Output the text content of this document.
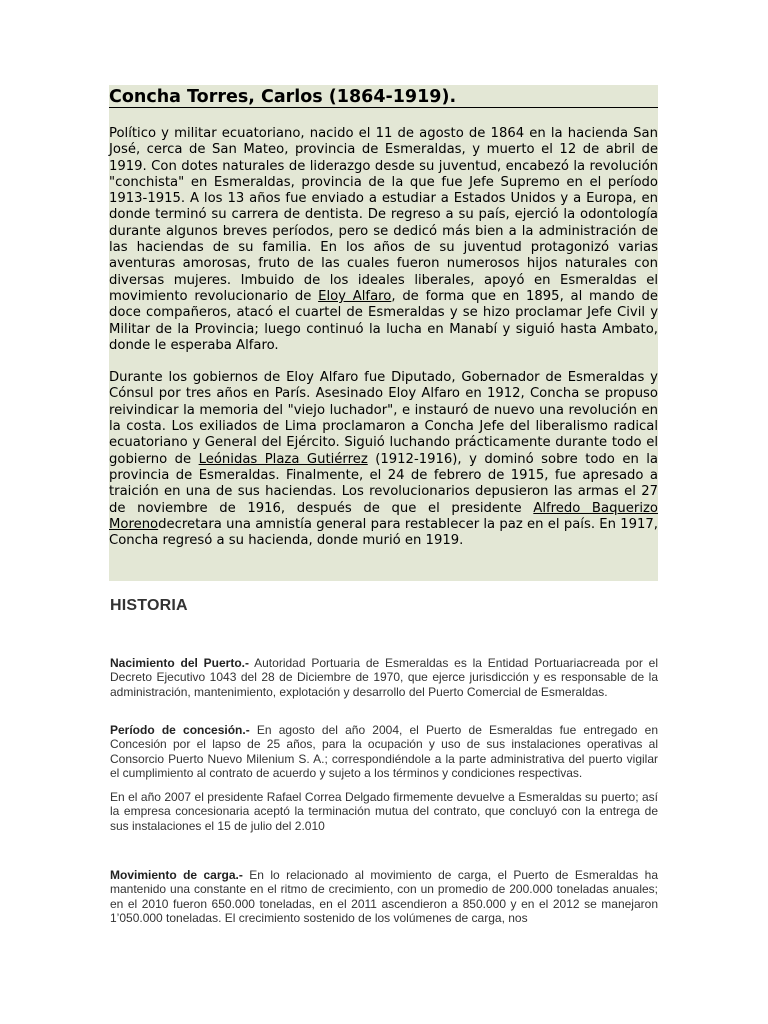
Concha Torres, Carlos (1864-1919).

Político y militar ecuatoriano, nacido el 11 de agosto de 1864 en la hacienda San José, cerca de San Mateo, provincia de Esmeraldas, y muerto el 12 de abril de 1919. Con dotes naturales de liderazgo desde su juventud, encabezó la revolución "conchista" en Esmeraldas, provincia de la que fue Jefe Supremo en el período 1913-1915. A los 13 años fue enviado a estudiar a Estados Unidos y a Europa, en donde terminó su carrera de dentista. De regreso a su país, ejerció la odontología durante algunos breves períodos, pero se dedicó más bien a la administración de las haciendas de su familia. En los años de su juventud protagonizó varias aventuras amorosas, fruto de las cuales fueron numerosos hijos naturales con diversas mujeres. Imbuido de los ideales liberales, apoyó en Esmeraldas el movimiento revolucionario de Eloy Alfaro, de forma que en 1895, al mando de doce compañeros, atacó el cuartel de Esmeraldas y se hizo proclamar Jefe Civil y Militar de la Provincia; luego continuó la lucha en Manabí y siguió hasta Ambato, donde le esperaba Alfaro.

Durante los gobiernos de Eloy Alfaro fue Diputado, Gobernador de Esmeraldas y Cónsul por tres años en París. Asesinado Eloy Alfaro en 1912, Concha se propuso reivindicar la memoria del "viejo luchador", e instauró de nuevo una revolución en la costa. Los exiliados de Lima proclamaron a Concha Jefe del liberalismo radical ecuatoriano y General del Ejército. Siguió luchando prácticamente durante todo el gobierno de Leónidas Plaza Gutiérrez (1912-1916), y dominó sobre todo en la provincia de Esmeraldas. Finalmente, el 24 de febrero de 1915, fue apresado a traición en una de sus haciendas. Los revolucionarios depusieron las armas el 27 de noviembre de 1916, después de que el presidente Alfredo Baquerizo Morenodecretara una amnistía general para restablecer la paz en el país. En 1917, Concha regresó a su hacienda, donde murió en 1919.

HISTORIA

Nacimiento del Puerto.- Autoridad Portuaria de Esmeraldas es la Entidad Portuariacreada por el Decreto Ejecutivo 1043 del 28 de Diciembre de 1970, que ejerce jurisdicción y es responsable de la administración, mantenimiento, explotación y desarrollo del Puerto Comercial de Esmeraldas.

Período de concesión.- En agosto del año 2004, el Puerto de Esmeraldas fue entregado en Concesión por el lapso de 25 años, para la ocupación y uso de sus instalaciones operativas al Consorcio Puerto Nuevo Milenium S. A.; correspondiéndole a la parte administrativa del puerto vigilar el cumplimiento al contrato de acuerdo y sujeto a los términos y condiciones respectivas.

En el año 2007 el presidente Rafael Correa Delgado firmemente devuelve a Esmeraldas su puerto; así la empresa concesionaria aceptó la terminación mutua del contrato, que concluyó con la entrega de sus instalaciones el 15 de julio del 2.010

Movimiento de carga.- En lo relacionado al movimiento de carga, el Puerto de Esmeraldas ha mantenido una constante en el ritmo de crecimiento, con un promedio de 200.000 toneladas anuales; en el 2010 fueron 650.000 toneladas, en el 2011 ascendieron a 850.000 y en el 2012 se manejaron 1’050.000 toneladas. El crecimiento sostenido de los volúmenes de carga, nos
